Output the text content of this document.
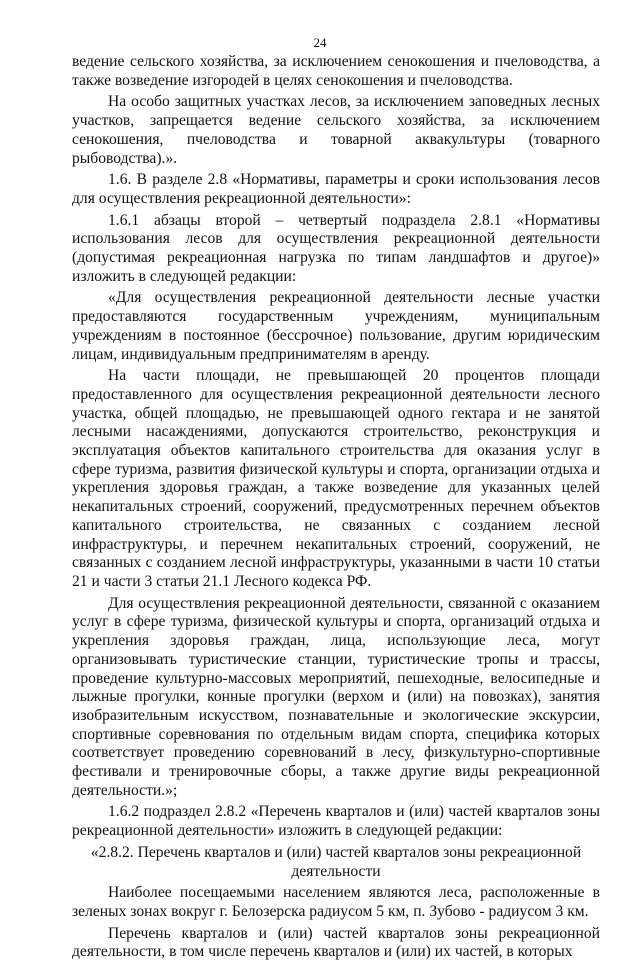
24

ведение сельского хозяйства, за исключением сенокошения и пчеловодства, а также возведение изгородей в целях сенокошения и пчеловодства.

На особо защитных участках лесов, за исключением заповедных лесных участков, запрещается ведение сельского хозяйства, за исключением сенокошения, пчеловодства и товарной аквакультуры (товарного рыбоводства).».

1.6. В разделе 2.8 «Нормативы, параметры и сроки использования лесов для осуществления рекреационной деятельности»:

1.6.1 абзацы второй – четвертый подраздела 2.8.1 «Нормативы использования лесов для осуществления рекреационной деятельности (допустимая рекреационная нагрузка по типам ландшафтов и другое)» изложить в следующей редакции:

«Для осуществления рекреационной деятельности лесные участки предоставляются государственным учреждениям, муниципальным учреждениям в постоянное (бессрочное) пользование, другим юридическим лицам, индивидуальным предпринимателям в аренду.

На части площади, не превышающей 20 процентов площади предоставленного для осуществления рекреационной деятельности лесного участка, общей площадью, не превышающей одного гектара и не занятой лесными насаждениями, допускаются строительство, реконструкция и эксплуатация объектов капитального строительства для оказания услуг в сфере туризма, развития физической культуры и спорта, организации отдыха и укрепления здоровья граждан, а также возведение для указанных целей некапитальных строений, сооружений, предусмотренных перечнем объектов капитального строительства, не связанных с созданием лесной инфраструктуры, и перечнем некапитальных строений, сооружений, не связанных с созданием лесной инфраструктуры, указанными в части 10 статьи 21 и части 3 статьи 21.1 Лесного кодекса РФ.

Для осуществления рекреационной деятельности, связанной с оказанием услуг в сфере туризма, физической культуры и спорта, организаций отдыха и укрепления здоровья граждан, лица, использующие леса, могут организовывать туристические станции, туристические тропы и трассы, проведение культурно-массовых мероприятий, пешеходные, велосипедные и лыжные прогулки, конные прогулки (верхом и (или) на повозках), занятия изобразительным искусством, познавательные и экологические экскурсии, спортивные соревнования по отдельным видам спорта, специфика которых соответствует проведению соревнований в лесу, физкультурно-спортивные фестивали и тренировочные сборы, а также другие виды рекреационной деятельности.»;

1.6.2 подраздел 2.8.2 «Перечень кварталов и (или) частей кварталов зоны рекреационной деятельности» изложить в следующей редакции:

«2.8.2. Перечень кварталов и (или) частей кварталов зоны рекреационной деятельности

Наиболее посещаемыми населением являются леса, расположенные в зеленых зонах вокруг г. Белозерска радиусом 5 км, п. Зубово - радиусом 3 км.

Перечень кварталов и (или) частей кварталов зоны рекреационной деятельности, в том числе перечень кварталов и (или) их частей, в которых
